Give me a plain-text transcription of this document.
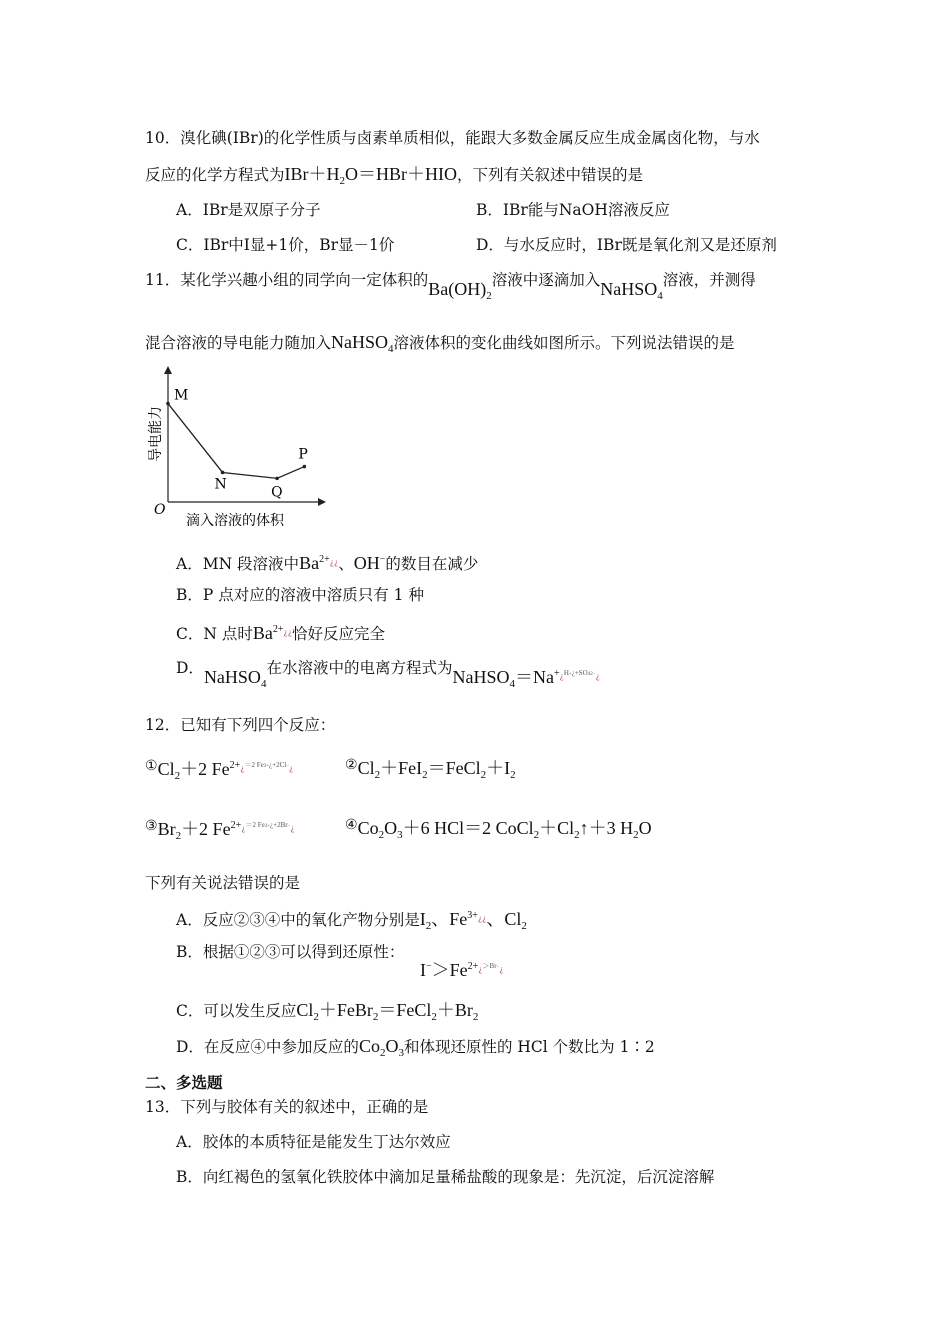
10．溴化碘(IBr)的化学性质与卤素单质相似，能跟大多数金属反应生成金属卤化物，与水
反应的化学方程式为$IBr+H_2O=HBr+HIO$，下列有关叙述中错误的是
A．IBr是双原子分子	B．IBr能与NaOH溶液反应
C．IBr中I显+1价，Br显－1价	D．与水反应时，IBr既是氧化剂又是还原剂
11．某化学兴趣小组的同学向一定体积的$Ba(OH)_2$溶液中逐滴加入NaHSO$_4$溶液，并测得
混合溶液的导电能力随加入NaHSO$_4$溶液体积的变化曲线如图所示。下列说法错误的是
M
N	Q
P
O
滴入溶液的体积
导电能力
A．MN 段溶液中$Ba^{2+¿¿}$、OH−的数目在减少
B．P 点对应的溶液中溶质只有 1 种
C．N 点时$Ba^{2+¿¿}$恰好反应完全
D．NaHSO$_4$在水溶液中的电离方程式为$NaHSO_4=Na^{+¿H+¿+SO42-¿}$
12．已知有下列四个反应：
$①Cl_2+2$ $Fe^{2+¿=2 Fe3+¿+2Cl-¿}$	$②Cl_2+FeI_2=FeCl_2+I_2$
$③Br_2+2$ $Fe^{2+¿=2 Fe3+¿+2Br-¿}$	$④Co_2O_3+6$ HCl＝2 $CoCl_2+Cl_2↑+3$ $H_2O$
下列有关说法错误的是
A．反应②③④中的氧化产物分别是$I_2$、$Fe^{3+¿¿}$、$Cl_2$
B．根据①②③可以得到还原性：
$I^->Fe^{2+¿>Br-¿}$
C．可以发生反应$Cl_2+FeBr_2=FeCl_2+Br_2$
D．在反应④中参加反应的$Co_2O_3$和体现还原性的 HCl 个数比为 1∶2
二、多选题
13．下列与胶体有关的叙述中，正确的是
A．胶体的本质特征是能发生丁达尔效应
B．向红褐色的氢氧化铁胶体中滴加足量稀盐酸的现象是：先沉淀，后沉淀溶解
